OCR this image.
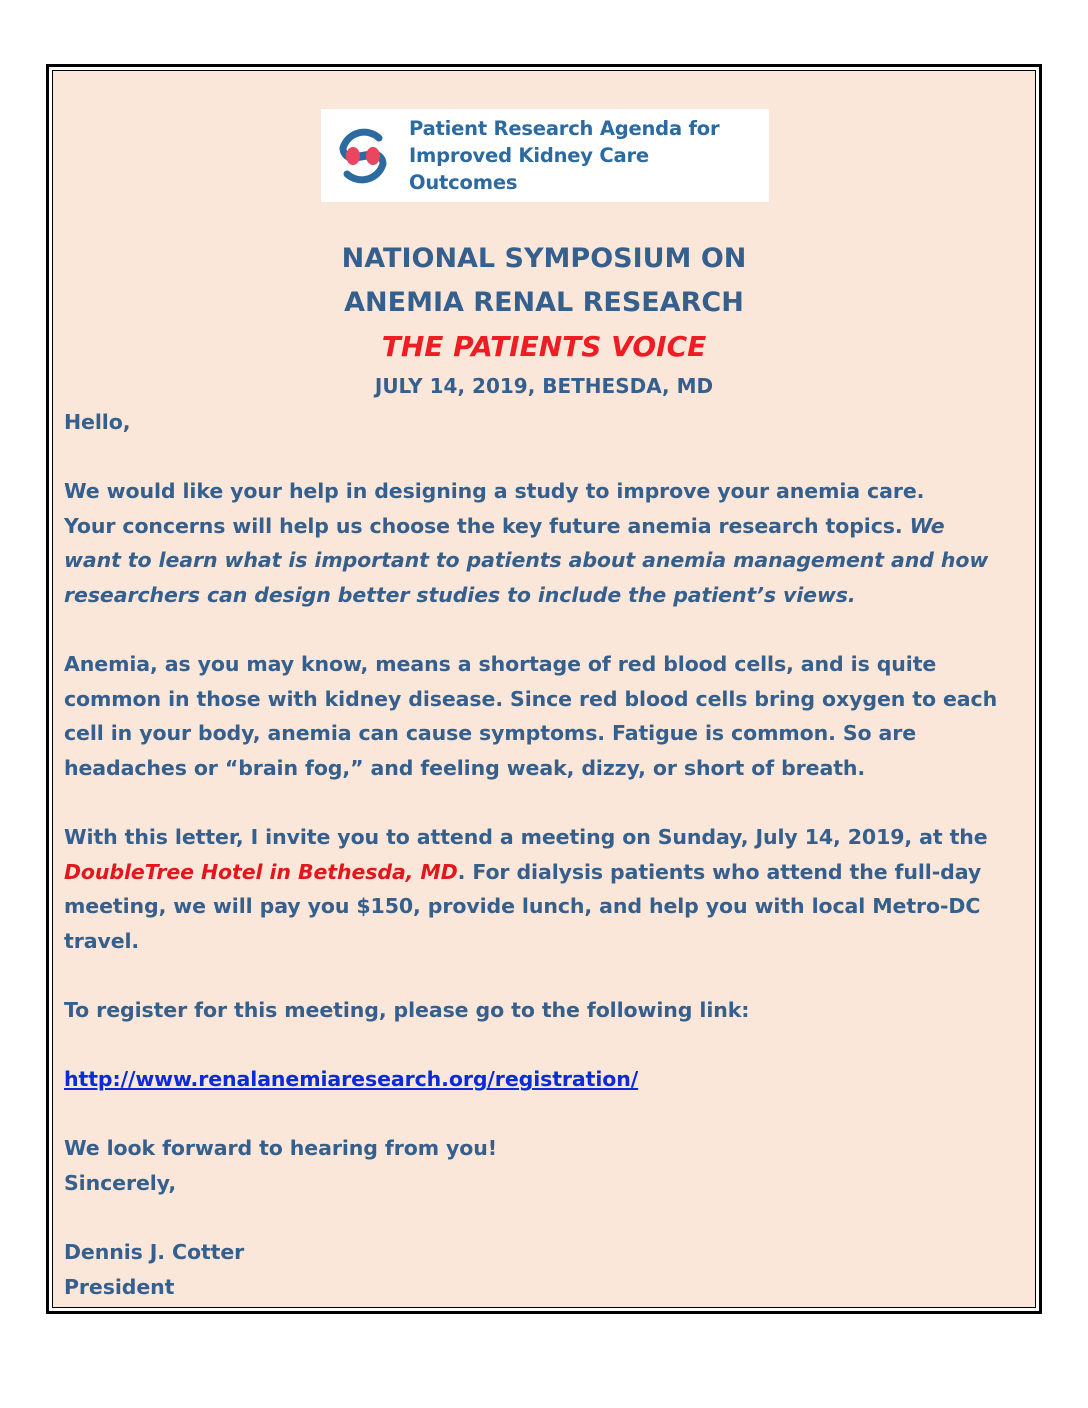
Patient Research Agenda for
Improved Kidney Care
Outcomes
NATIONAL SYMPOSIUM ON
ANEMIA RENAL RESEARCH
THE PATIENTS VOICE
JULY 14, 2019, BETHESDA, MD

Hello,

We would like your help in designing a study to improve your anemia care.

Your concerns will help us choose the key future anemia research topics. We

want to learn what is important to patients about anemia management and how

researchers can design better studies to include the patient’s views.

Anemia, as you may know, means a shortage of red blood cells, and is quite

common in those with kidney disease. Since red blood cells bring oxygen to each

cell in your body, anemia can cause symptoms. Fatigue is common. So are

headaches or “brain fog,” and feeling weak, dizzy, or short of breath.

With this letter, I invite you to attend a meeting on Sunday, July 14, 2019, at the

DoubleTree Hotel in Bethesda, MD. For dialysis patients who attend the full-day

meeting, we will pay you $150, provide lunch, and help you with local Metro-DC

travel.

To register for this meeting, please go to the following link:

http://www.renalanemiaresearch.org/registration/

We look forward to hearing from you!

Sincerely,

Dennis J. Cotter

President
